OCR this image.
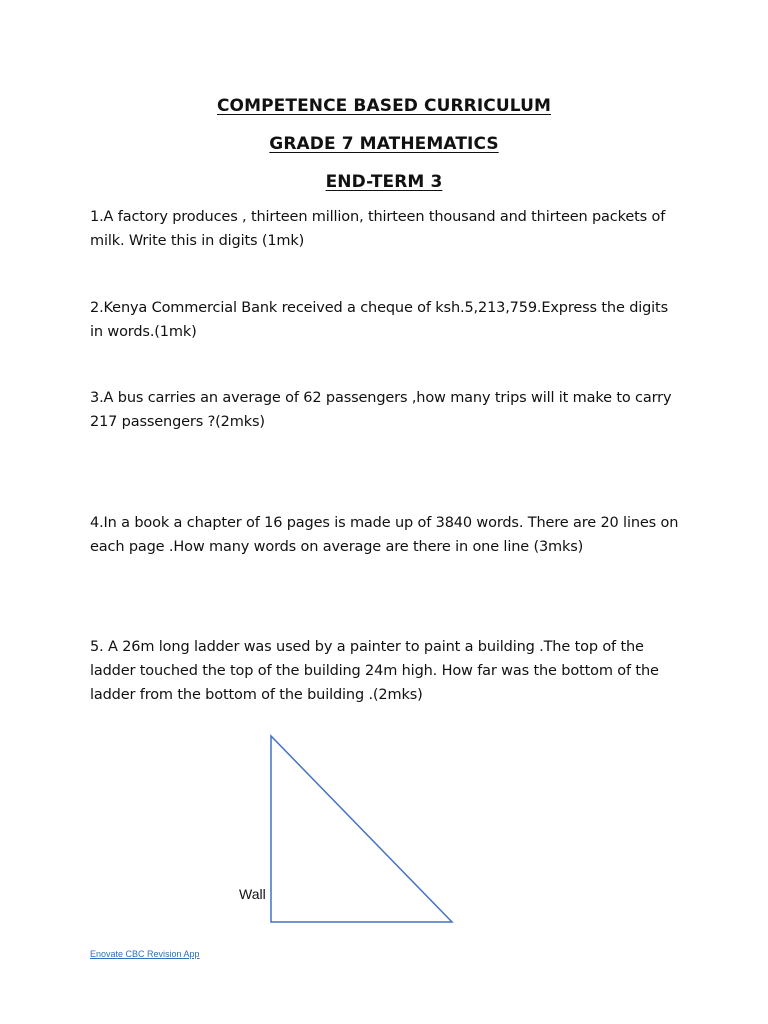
COMPETENCE BASED CURRICULUM
GRADE 7 MATHEMATICS
END-TERM 3
1.A factory produces , thirteen million, thirteen thousand and thirteen packets of milk. Write this in digits (1mk)
2.Kenya Commercial Bank received a cheque of ksh.5,213,759.Express the digits in words.(1mk)
3.A bus carries an average of 62 passengers ,how many trips will it make to carry 217 passengers ?(2mks)
4.In a book a chapter of 16 pages is made up of 3840 words. There are 20 lines on each page .How many words on average are there in one line (3mks)
5. A 26m long ladder was used by a painter to paint a building .The top of the ladder touched the top of the building 24m high. How far was the bottom of the ladder from the bottom of the building .(2mks)
Wall
Enovate CBC Revision App
